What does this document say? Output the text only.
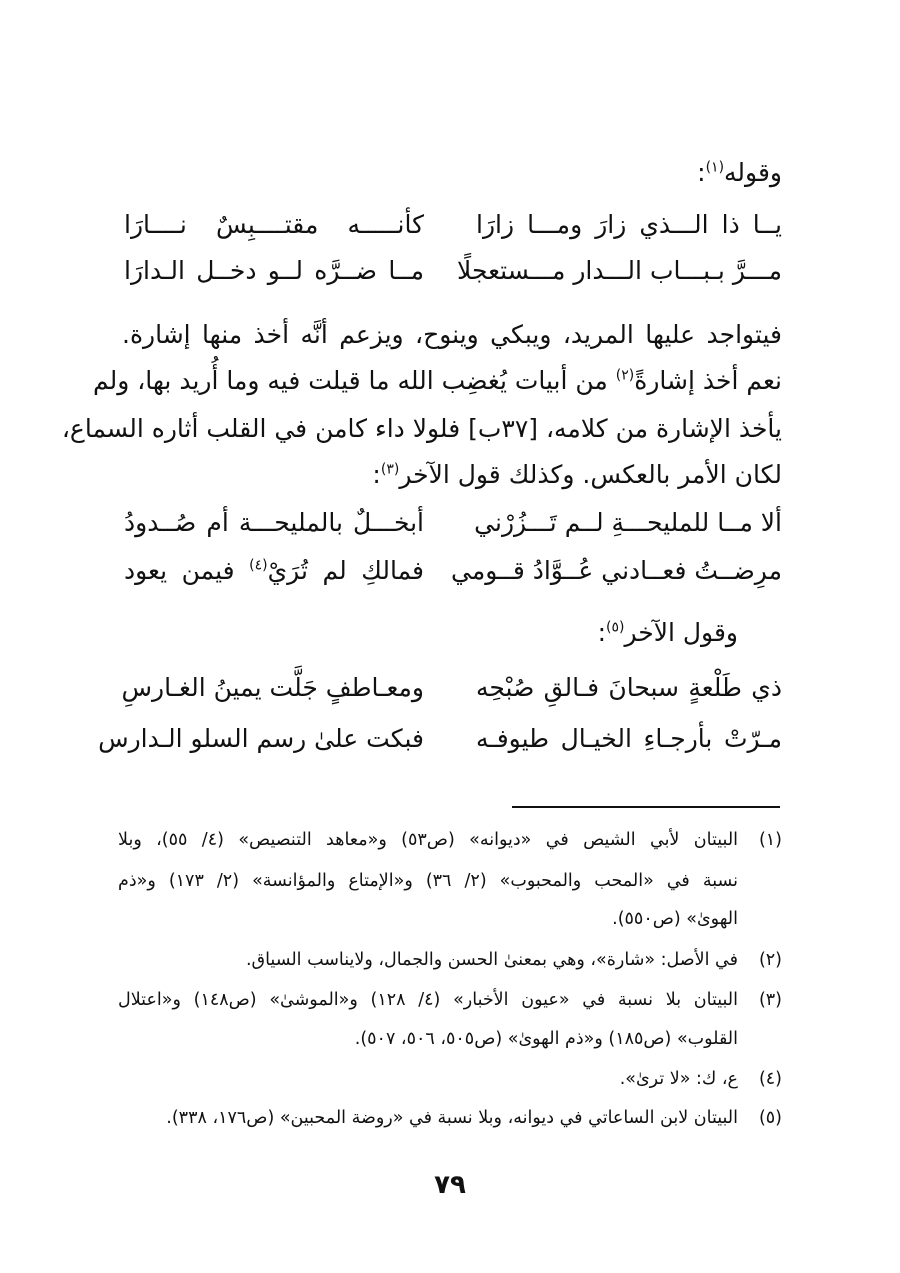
وقوله$^{(١)}$:
يــا ذا الـــذي زارَ ومـــا زارَا
كأنـــــه مقتــــبِسٌ نــــارَا
مـــرَّ بـبـــاب الـــدار مـــستعجلًا
مــا ضــرَّه لــو دخــل الـدارَا
فيتواجد عليها المريد، ويبكي وينوح، ويزعم أنَّه أخذ منها إشارة.
نعم أخذ إشارةً$^{(٢)}$ من أبيات يُغضِب الله ما قيلت فيه وما أُريد بها، ولم
يأخذ الإشارة من كلامه، [٣٧ب] فلولا داء كامن في القلب أثاره السماع،
لكان الأمر بالعكس. وكذلك قول الآخر$^{(٣)}$:
ألا مــا للمليحـــةِ لــم تَـــزُرْني
أبخـــلٌ بالمليحـــة أم صُــدودُ
مرِضــتُ فعــادني عُــوَّادُ قــومي
فمالكِ لم تُرَيْ$^{(٤)}$ فيمن يعود
وقول الآخر$^{(٥)}$:
ذي طَلْعةٍ سبحانَ فـالقِ صُبْحِه
ومعـاطفٍ جَلَّت يمينُ الغـارسِ
مـرّتْ بأرجـاءِ الخيـال طيوفـه
فبكت علىٰ رسم السلو الـدارس
(١)
البيتان لأبي الشيص في «ديوانه» (ص٥٣) و«معاهد التنصيص» (٤/ ٥٥)، وبلا
نسبة في «المحب والمحبوب» (٢/ ٣٦) و«الإمتاع والمؤانسة» (٢/ ١٧٣) و«ذم
الهوىٰ» (ص٥٥٠).
(٢)
في الأصل: «شارة»، وهي بمعنىٰ الحسن والجمال، ولايناسب السياق.
(٣)
البيتان بلا نسبة في «عيون الأخبار» (٤/ ١٢٨) و«الموشىٰ» (ص١٤٨) و«اعتلال
القلوب» (ص١٨٥) و«ذم الهوىٰ» (ص٥٠٥، ٥٠٦، ٥٠٧).
(٤)
ع، ك: «لا ترىٰ».
(٥)
البيتان لابن الساعاتي في ديوانه، وبلا نسبة في «روضة المحبين» (ص١٧٦، ٣٣٨).
٧٩
